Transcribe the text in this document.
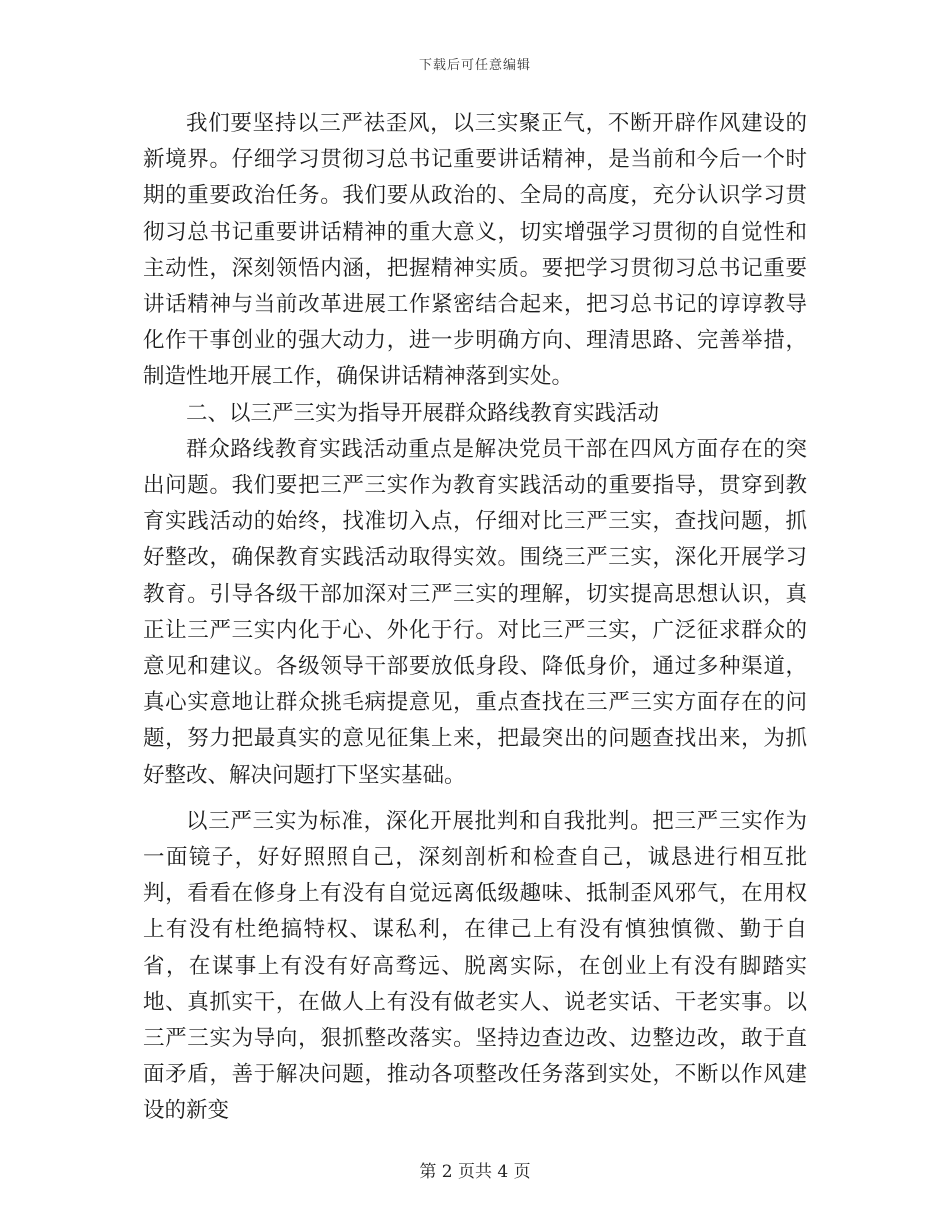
下载后可任意编辑

我们要坚持以三严祛歪风，以三实聚正气，不断开辟作风建设的新境界。仔细学习贯彻习总书记重要讲话精神，是当前和今后一个时期的重要政治任务。我们要从政治的、全局的高度，充分认识学习贯彻习总书记重要讲话精神的重大意义，切实增强学习贯彻的自觉性和主动性，深刻领悟内涵，把握精神实质。要把学习贯彻习总书记重要讲话精神与当前改革进展工作紧密结合起来，把习总书记的谆谆教导化作干事创业的强大动力，进一步明确方向、理清思路、完善举措，制造性地开展工作，确保讲话精神落到实处。

二、以三严三实为指导开展群众路线教育实践活动

群众路线教育实践活动重点是解决党员干部在四风方面存在的突出问题。我们要把三严三实作为教育实践活动的重要指导，贯穿到教育实践活动的始终，找准切入点，仔细对比三严三实，查找问题，抓好整改，确保教育实践活动取得实效。围绕三严三实，深化开展学习教育。引导各级干部加深对三严三实的理解，切实提高思想认识，真正让三严三实内化于心、外化于行。对比三严三实，广泛征求群众的意见和建议。各级领导干部要放低身段、降低身价，通过多种渠道，真心实意地让群众挑毛病提意见，重点查找在三严三实方面存在的问题，努力把最真实的意见征集上来，把最突出的问题查找出来，为抓好整改、解决问题打下坚实基础。

以三严三实为标准，深化开展批判和自我批判。把三严三实作为一面镜子，好好照照自己，深刻剖析和检查自己，诚恳进行相互批判，看看在修身上有没有自觉远离低级趣味、抵制歪风邪气，在用权上有没有杜绝搞特权、谋私利，在律己上有没有慎独慎微、勤于自省，在谋事上有没有好高骛远、脱离实际，在创业上有没有脚踏实地、真抓实干，在做人上有没有做老实人、说老实话、干老实事。以三严三实为导向，狠抓整改落实。坚持边查边改、边整边改，敢于直面矛盾，善于解决问题，推动各项整改任务落到实处，不断以作风建设的新变

第 2 页共 4 页
